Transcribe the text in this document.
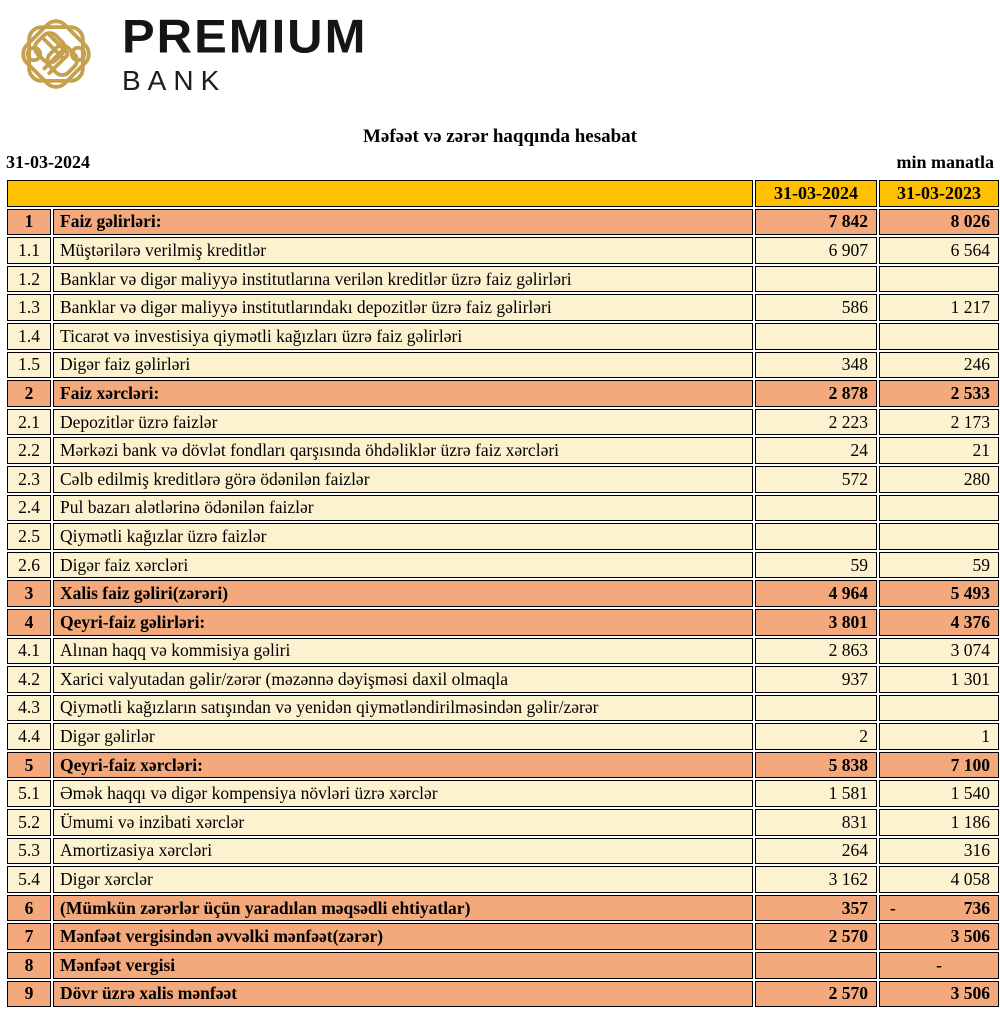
PREMIUM
BANK
Məfəət və zərər haqqında hesabat
31-03-2024	min manatla
		31-03-2024	31-03-2023
1	Faiz gəlirləri:	7 842	8 026
1.1	Müştərilərə verilmiş kreditlər	6 907	6 564
1.2	Banklar və digər maliyyə institutlarına verilən kreditlər üzrə faiz gəlirləri		
1.3	Banklar və digər maliyyə institutlarındakı depozitlər üzrə faiz gəlirləri	586	1 217
1.4	Ticarət və investisiya qiymətli kağızları üzrə faiz gəlirləri		
1.5	Digər faiz gəlirləri	348	246
2	Faiz xərcləri:	2 878	2 533
2.1	Depozitlər üzrə faizlər	2 223	2 173
2.2	Mərkəzi bank və dövlət fondları qarşısında öhdəliklər üzrə faiz xərcləri	24	21
2.3	Cəlb edilmiş kreditlərə görə ödənilən faizlər	572	280
2.4	Pul bazarı alətlərinə ödənilən faizlər		
2.5	Qiymətli kağızlar üzrə faizlər		
2.6	Digər faiz xərcləri	59	59
3	Xalis faiz gəliri(zərəri)	4 964	5 493
4	Qeyri-faiz gəlirləri:	3 801	4 376
4.1	Alınan haqq və kommisiya gəliri	2 863	3 074
4.2	Xarici valyutadan gəlir/zərər (məzənnə dəyişməsi daxil olmaqla	937	1 301
4.3	Qiymətli kağızların satışından və yenidən qiymətləndirilməsindən gəlir/zərər		
4.4	Digər gəlirlər	2	1
5	Qeyri-faiz xərcləri:	5 838	7 100
5.1	Əmək haqqı və digər kompensiya növləri üzrə xərclər	1 581	1 540
5.2	Ümumi və inzibati xərclər	831	1 186
5.3	Amortizasiya xərcləri	264	316
5.4	Digər xərclər	3 162	4 058
6	(Mümkün zərərlər üçün yaradılan məqsədli ehtiyatlar)	357	- 736
7	Mənfəət vergisindən əvvəlki mənfəət(zərər)	2 570	3 506
8	Mənfəət vergisi		-
9	Dövr üzrə xalis mənfəət	2 570	3 506
